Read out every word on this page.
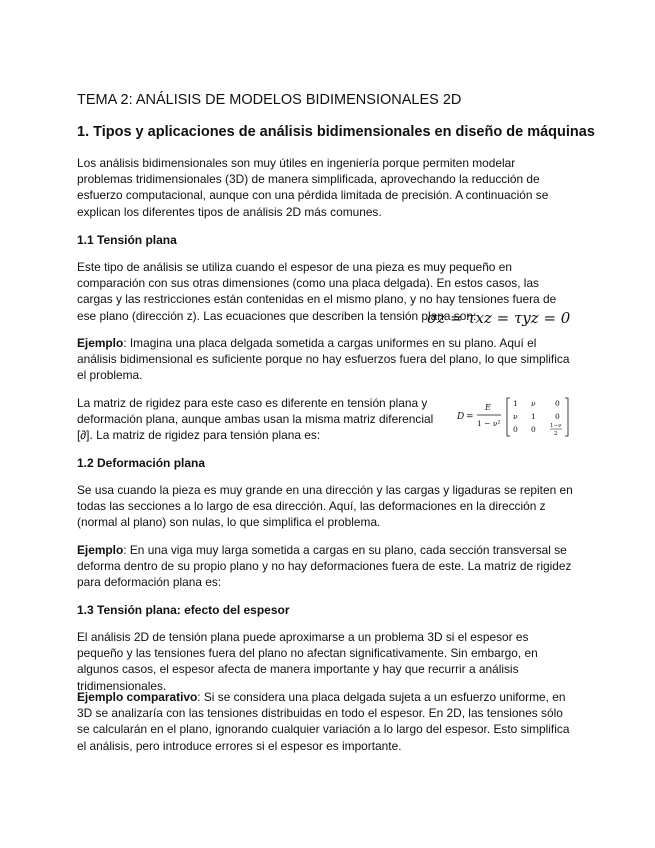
TEMA 2: ANÁLISIS DE MODELOS BIDIMENSIONALES 2D
1. Tipos y aplicaciones de análisis bidimensionales en diseño de máquinas
Los análisis bidimensionales son muy útiles en ingeniería porque permiten modelar problemas tridimensionales (3D) de manera simplificada, aprovechando la reducción de esfuerzo computacional, aunque con una pérdida limitada de precisión. A continuación se explican los diferentes tipos de análisis 2D más comunes.
1.1 Tensión plana
Este tipo de análisis se utiliza cuando el espesor de una pieza es muy pequeño en comparación con sus otras dimensiones (como una placa delgada). En estos casos, las cargas y las restricciones están contenidas en el mismo plano, y no hay tensiones fuera de ese plano (dirección z). Las ecuaciones que describen la tensión plana son:
σz = τxz = τyz = 0
Ejemplo: Imagina una placa delgada sometida a cargas uniformes en su plano. Aquí el análisis bidimensional es suficiente porque no hay esfuerzos fuera del plano, lo que simplifica el problema.
La matriz de rigidez para este caso es diferente en tensión plana y deformación plana, aunque ambas usan la misma matriz diferencial [∂]. La matriz de rigidez para tensión plana es:
D =
E
1 − ν²
1 ν	0
ν 1	0
0 0	1−ν
2
1.2 Deformación plana
Se usa cuando la pieza es muy grande en una dirección y las cargas y ligaduras se repiten en todas las secciones a lo largo de esa dirección. Aquí, las deformaciones en la dirección z (normal al plano) son nulas, lo que simplifica el problema.
Ejemplo: En una viga muy larga sometida a cargas en su plano, cada sección transversal se deforma dentro de su propio plano y no hay deformaciones fuera de este. La matriz de rigidez para deformación plana es:
1.3 Tensión plana: efecto del espesor
El análisis 2D de tensión plana puede aproximarse a un problema 3D si el espesor es pequeño y las tensiones fuera del plano no afectan significativamente. Sin embargo, en algunos casos, el espesor afecta de manera importante y hay que recurrir a análisis tridimensionales.
Ejemplo comparativo: Si se considera una placa delgada sujeta a un esfuerzo uniforme, en 3D se analizaría con las tensiones distribuidas en todo el espesor. En 2D, las tensiones sólo se calcularán en el plano, ignorando cualquier variación a lo largo del espesor. Esto simplifica el análisis, pero introduce errores si el espesor es importante.
